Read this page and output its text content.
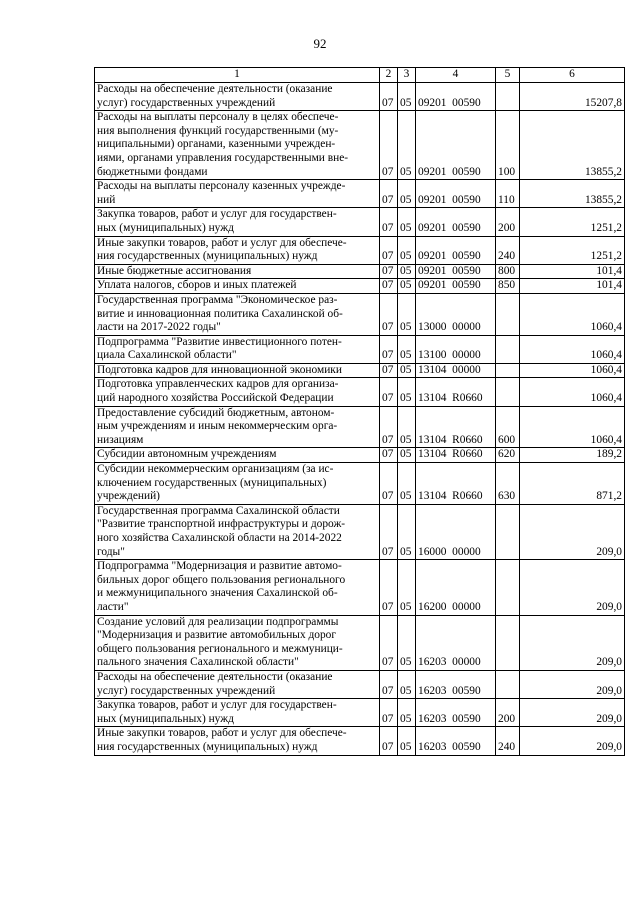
92
1	2	3	4	5	6
Расходы на обеспечение деятельности (оказание
услуг) государственных учреждений	07	05	09201  00590		15207,8
Расходы на выплаты персоналу в целях обеспече-
ния выполнения функций государственными (му-
ниципальными) органами, казенными учрежден-
иями, органами управления государственными вне-
бюджетными фондами	07	05	09201  00590	100	13855,2
Расходы на выплаты персоналу казенных учрежде-
ний	07	05	09201  00590	110	13855,2
Закупка товаров, работ и услуг для государствен-
ных (муниципальных) нужд	07	05	09201  00590	200	1251,2
Иные закупки товаров, работ и услуг для обеспече-
ния государственных (муниципальных) нужд	07	05	09201  00590	240	1251,2
Иные бюджетные ассигнования	07	05	09201  00590	800	101,4
Уплата налогов, сборов и иных платежей	07	05	09201  00590	850	101,4
Государственная программа "Экономическое раз-
витие и инновационная политика Сахалинской об-
ласти на 2017-2022 годы"	07	05	13000  00000		1060,4
Подпрограмма "Развитие инвестиционного потен-
циала Сахалинской области"	07	05	13100  00000		1060,4
Подготовка кадров для инновационной экономики	07	05	13104  00000		1060,4
Подготовка управленческих кадров для организа-
ций народного хозяйства Российской Федерации	07	05	13104  R0660		1060,4
Предоставление субсидий бюджетным, автоном-
ным учреждениям и иным некоммерческим орга-
низациям	07	05	13104  R0660	600	1060,4
Субсидии автономным учреждениям	07	05	13104  R0660	620	189,2
Субсидии некоммерческим организациям (за ис-
ключением государственных (муниципальных)
учреждений)	07	05	13104  R0660	630	871,2
Государственная программа Сахалинской области
"Развитие транспортной инфраструктуры и дорож-
ного хозяйства Сахалинской области на 2014-2022
годы"	07	05	16000  00000		209,0
Подпрограмма "Модернизация и развитие автомо-
бильных дорог общего пользования регионального
и межмуниципального значения Сахалинской об-
ласти"	07	05	16200  00000		209,0
Создание условий для реализации подпрограммы
"Модернизация и развитие автомобильных дорог
общего пользования регионального и межмуници-
пального значения Сахалинской области"	07	05	16203  00000		209,0
Расходы на обеспечение деятельности (оказание
услуг) государственных учреждений	07	05	16203  00590		209,0
Закупка товаров, работ и услуг для государствен-
ных (муниципальных) нужд	07	05	16203  00590	200	209,0
Иные закупки товаров, работ и услуг для обеспече-
ния государственных (муниципальных) нужд	07	05	16203  00590	240	209,0
